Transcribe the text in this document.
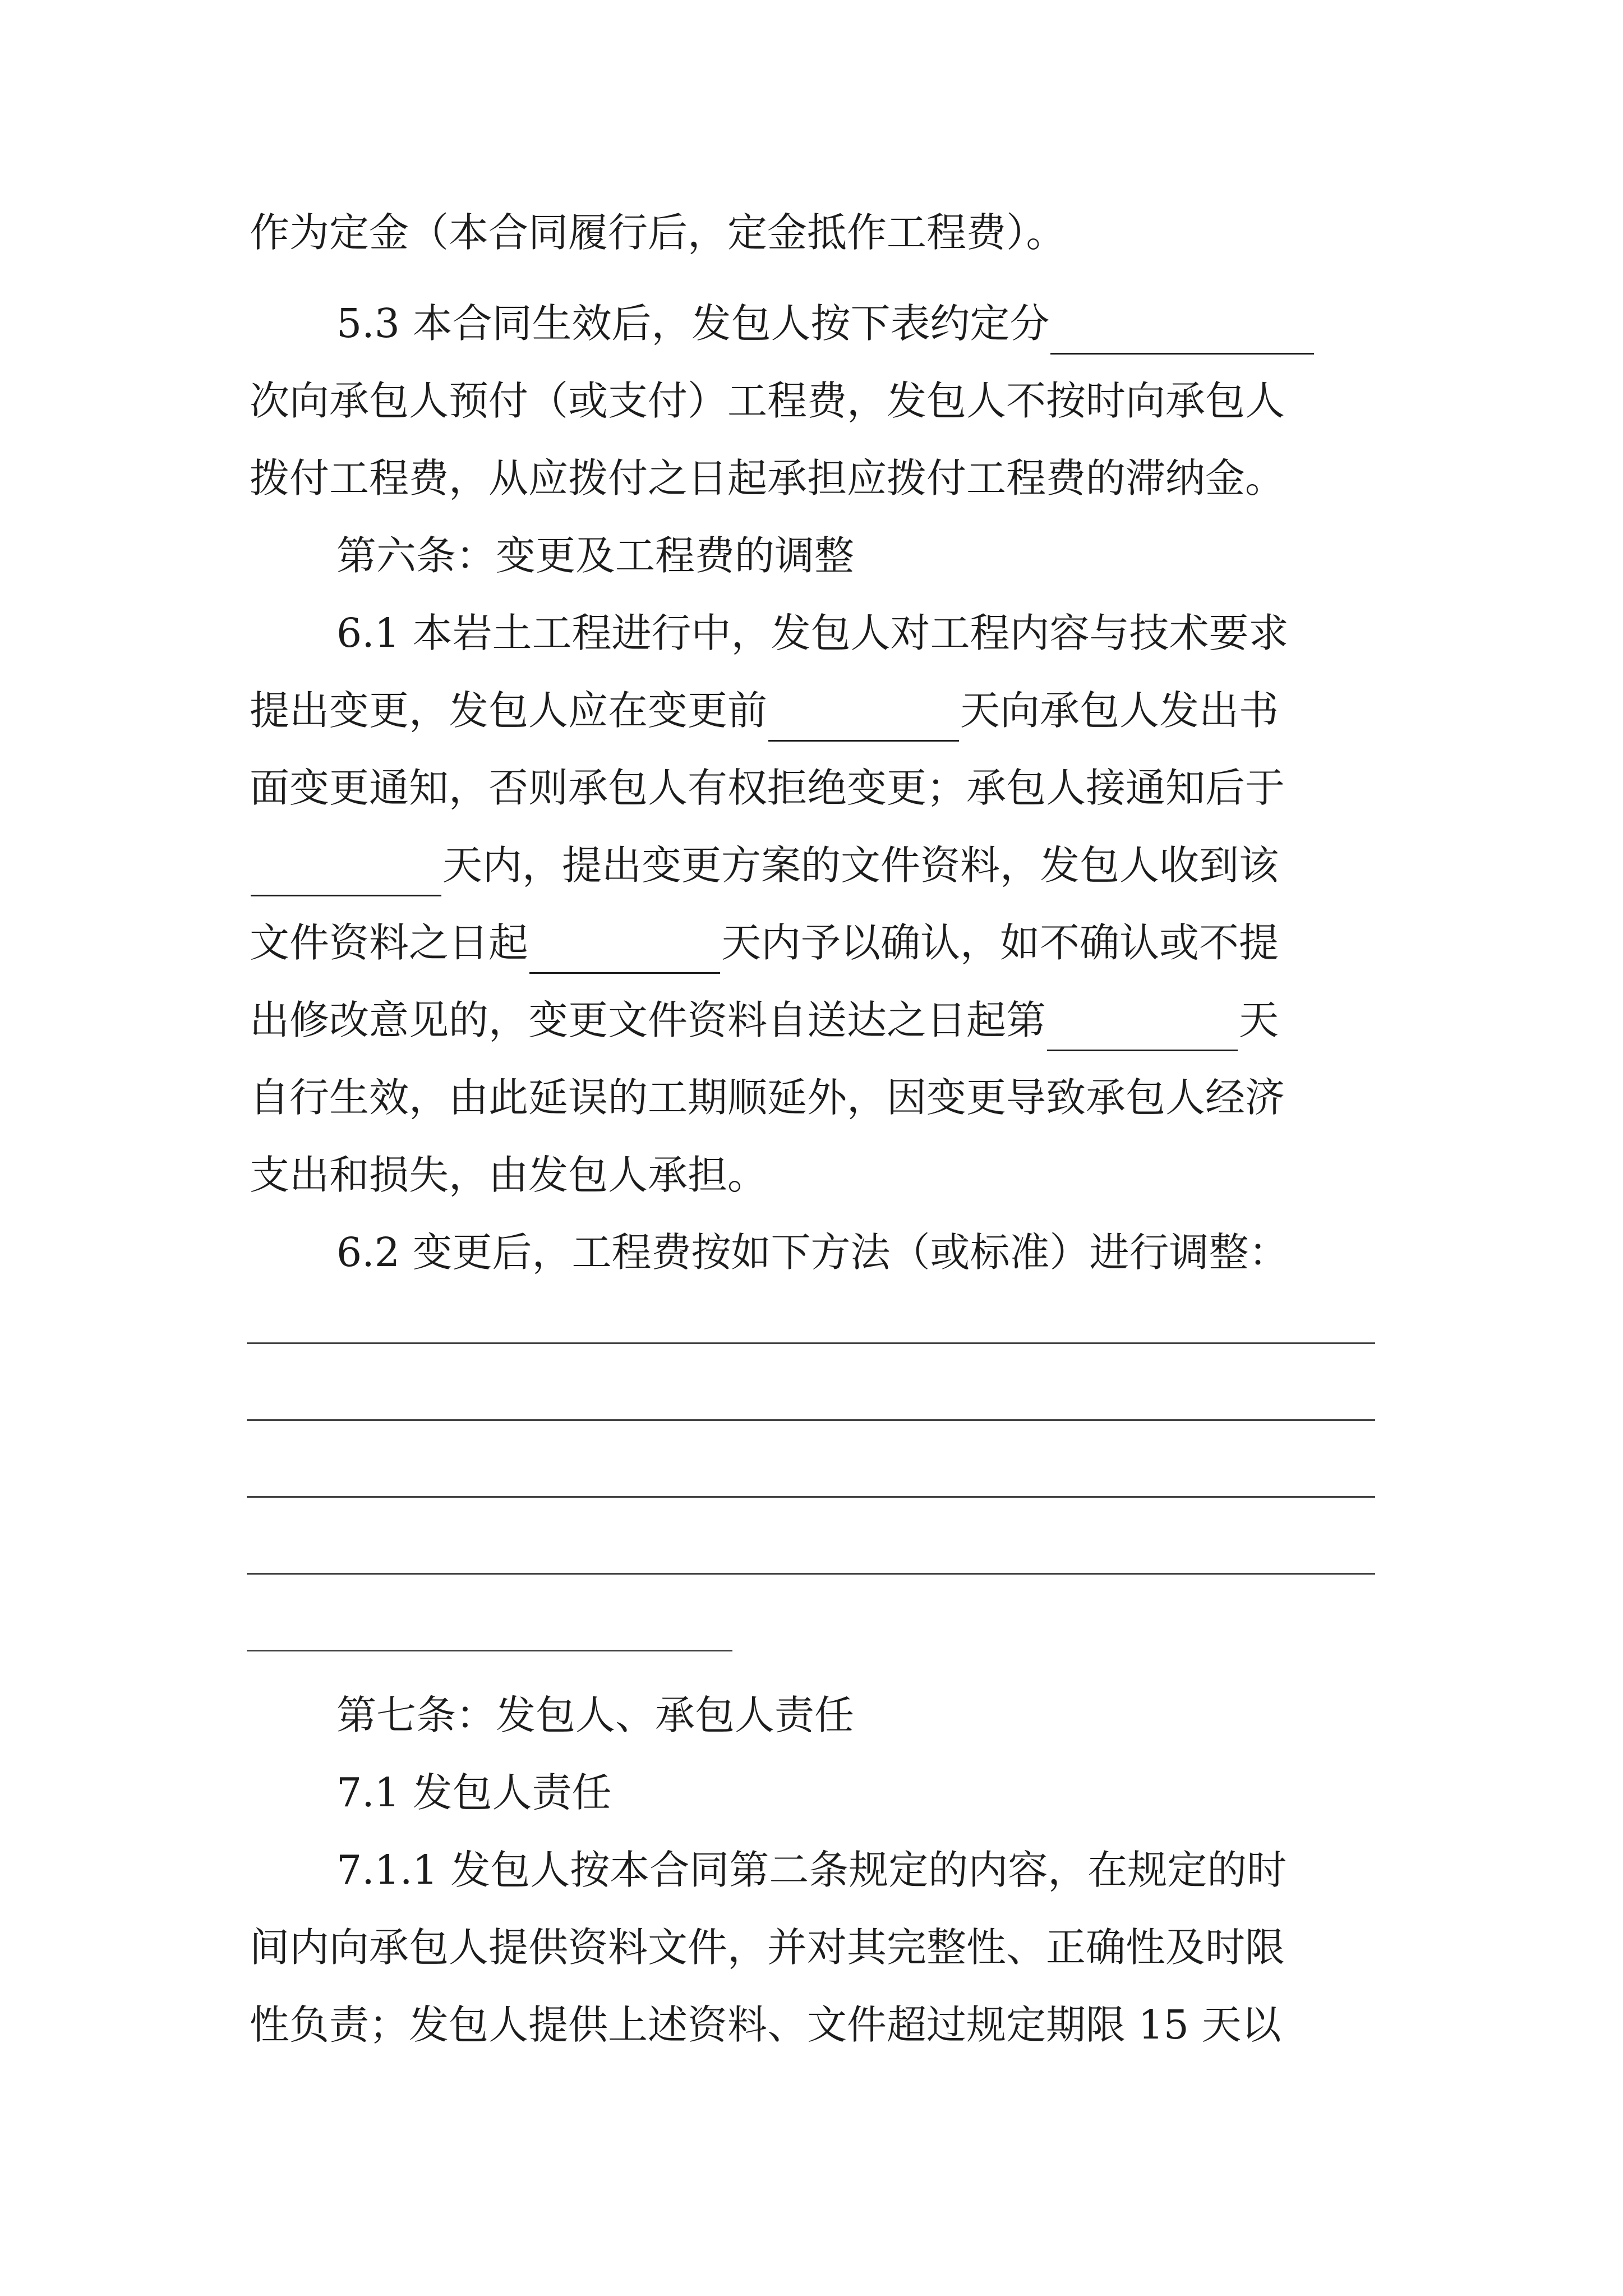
作为定金（本合同履行后，定金抵作工程费）。
5.3 本合同生效后，发包人按下表约定分
次向承包人预付（或支付）工程费，发包人不按时向承包人
拨付工程费，从应拨付之日起承担应拨付工程费的滞纳金。
第六条：变更及工程费的调整
6.1 本岩土工程进行中，发包人对工程内容与技术要求
提出变更，发包人应在变更前	天向承包人发出书
面变更通知，否则承包人有权拒绝变更；承包人接通知后于
天内，提出变更方案的文件资料，发包人收到该
文件资料之日起	天内予以确认，如不确认或不提
出修改意见的，变更文件资料自送达之日起第	天
自行生效，由此延误的工期顺延外，因变更导致承包人经济
支出和损失，由发包人承担。
6.2 变更后，工程费按如下方法（或标准）进行调整：
第七条：发包人、承包人责任
7.1 发包人责任
7.1.1 发包人按本合同第二条规定的内容，在规定的时
间内向承包人提供资料文件，并对其完整性、正确性及时限
性负责；发包人提供上述资料、文件超过规定期限 15 天以
